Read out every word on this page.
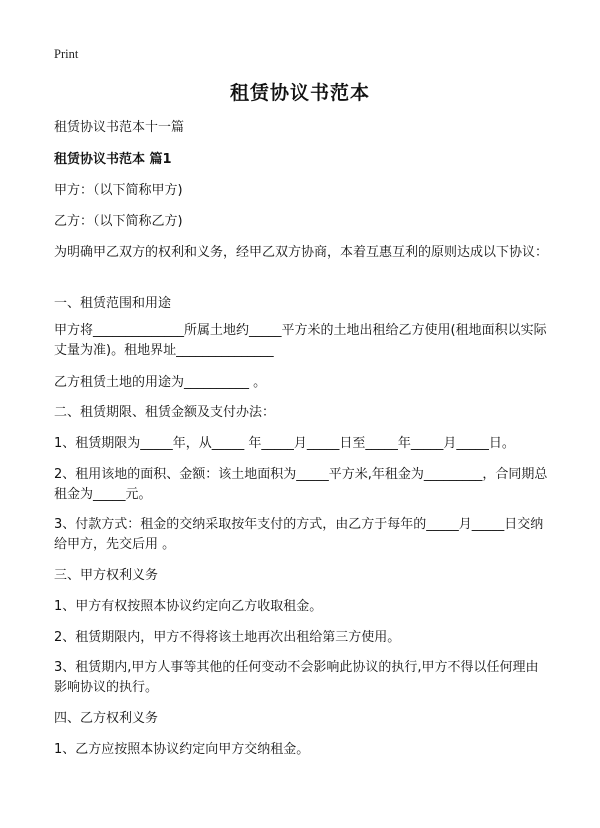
Print
租赁协议书范本

租赁协议书范本十一篇

租赁协议书范本 篇1

甲方：（以下简称甲方)

乙方：（以下简称乙方)

为明确甲乙双方的权利和义务，经甲乙双方协商，本着互惠互利的原则达成以下协议：

一、租赁范围和用途

甲方将______________所属土地约_____平方米的土地出租给乙方使用(租地面积以实际丈量为准)。租地界址_______________

乙方租赁土地的用途为__________ 。

二、租赁期限、租赁金额及支付办法：

1、租赁期限为_____年，从_____ 年_____月_____日至_____年_____月_____日。

2、租用该地的面积、金额：该土地面积为_____平方米,年租金为_________，合同期总租金为_____元。

3、付款方式：租金的交纳采取按年支付的方式，由乙方于每年的_____月_____日交纳给甲方，先交后用 。

三、甲方权利义务

1、甲方有权按照本协议约定向乙方收取租金。

2、租赁期限内，甲方不得将该土地再次出租给第三方使用。

3、租赁期内,甲方人事等其他的任何变动不会影响此协议的执行,甲方不得以任何理由影响协议的执行。

四、乙方权利义务

1、乙方应按照本协议约定向甲方交纳租金。
